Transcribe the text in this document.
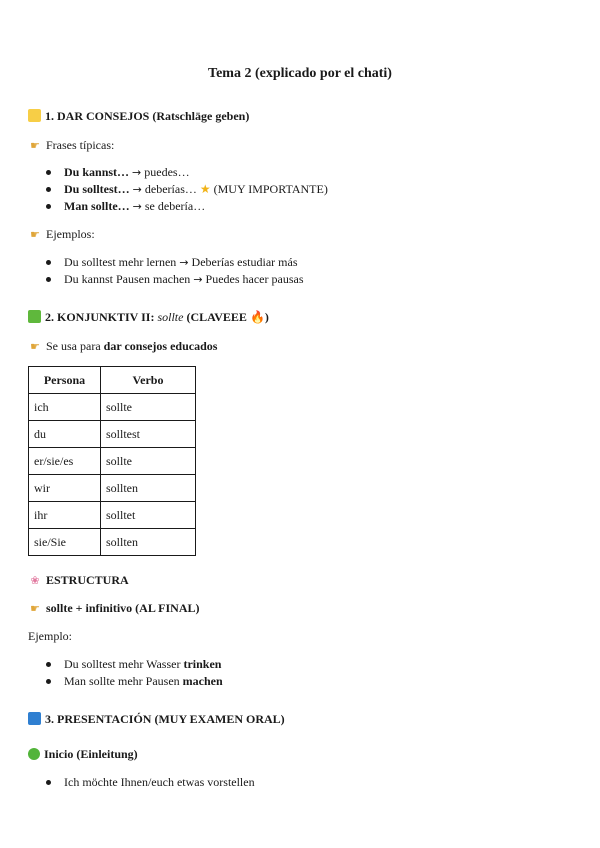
Tema 2 (explicado por el chati)
1. DAR CONSEJOS (Ratschläge geben)
☛ Frases típicas:
Du kannst… → puedes…
Du solltest… → deberías… ★ (MUY IMPORTANTE)
Man sollte… → se debería…
☛ Ejemplos:
Du solltest mehr lernen → Deberías estudiar más
Du kannst Pausen machen → Puedes hacer pausas
2. KONJUNKTIV II: sollte (CLAVEEE 🔥)
☛ Se usa para dar consejos educados
Persona	Verbo
ich	sollte
du	solltest
er/sie/es	sollte
wir	sollten
ihr	solltet
sie/Sie	sollten
❀ ESTRUCTURA
☛ sollte + infinitivo (AL FINAL)
Ejemplo:
Du solltest mehr Wasser trinken
Man sollte mehr Pausen machen
3. PRESENTACIÓN (MUY EXAMEN ORAL)
Inicio (Einleitung)
Ich möchte Ihnen/euch etwas vorstellen
